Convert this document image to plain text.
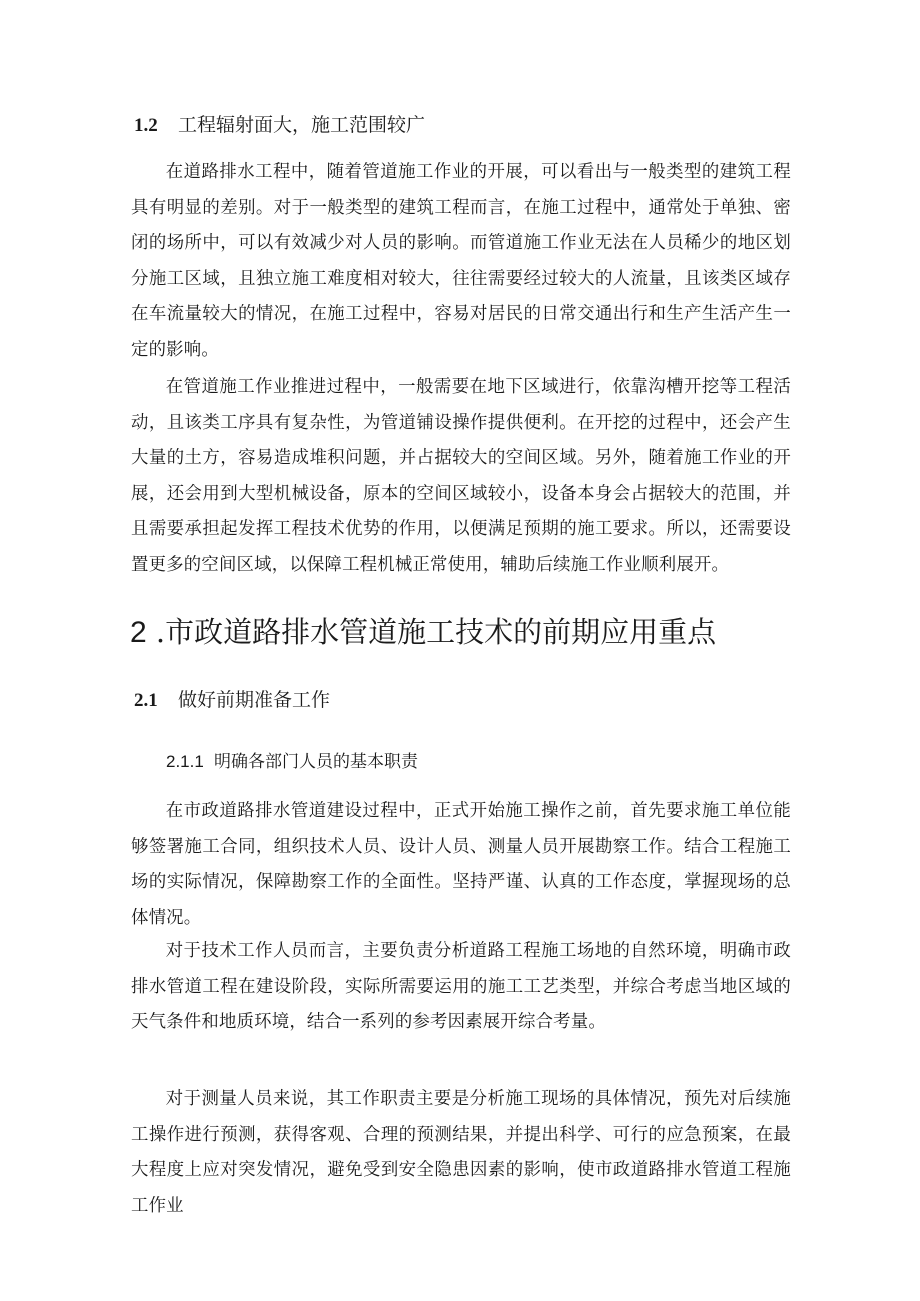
1.2 工程辐射面大，施工范围较广

在道路排水工程中，随着管道施工作业的开展，可以看出与一般类型的建筑工程具有明显的差别。对于一般类型的建筑工程而言，在施工过程中，通常处于单独、密闭的场所中，可以有效减少对人员的影响。而管道施工作业无法在人员稀少的地区划分施工区域，且独立施工难度相对较大，往往需要经过较大的人流量，且该类区域存在车流量较大的情况，在施工过程中，容易对居民的日常交通出行和生产生活产生一定的影响。

在管道施工作业推进过程中，一般需要在地下区域进行，依靠沟槽开挖等工程活动，且该类工序具有复杂性，为管道铺设操作提供便利。在开挖的过程中，还会产生大量的土方，容易造成堆积问题，并占据较大的空间区域。另外，随着施工作业的开展，还会用到大型机械设备，原本的空间区域较小，设备本身会占据较大的范围，并且需要承担起发挥工程技术优势的作用，以便满足预期的施工要求。所以，还需要设置更多的空间区域，以保障工程机械正常使用，辅助后续施工作业顺利展开。

2 .市政道路排水管道施工技术的前期应用重点
2.1 做好前期准备工作
2.1.1 明确各部门人员的基本职责

在市政道路排水管道建设过程中，正式开始施工操作之前，首先要求施工单位能够签署施工合同，组织技术人员、设计人员、测量人员开展勘察工作。结合工程施工场的实际情况，保障勘察工作的全面性。坚持严谨、认真的工作态度，掌握现场的总体情况。

对于技术工作人员而言，主要负责分析道路工程施工场地的自然环境，明确市政排水管道工程在建设阶段，实际所需要运用的施工工艺类型，并综合考虑当地区域的天气条件和地质环境，结合一系列的参考因素展开综合考量。

对于测量人员来说，其工作职责主要是分析施工现场的具体情况，预先对后续施工操作进行预测，获得客观、合理的预测结果，并提出科学、可行的应急预案，在最大程度上应对突发情况，避免受到安全隐患因素的影响，使市政道路排水管道工程施工作业
